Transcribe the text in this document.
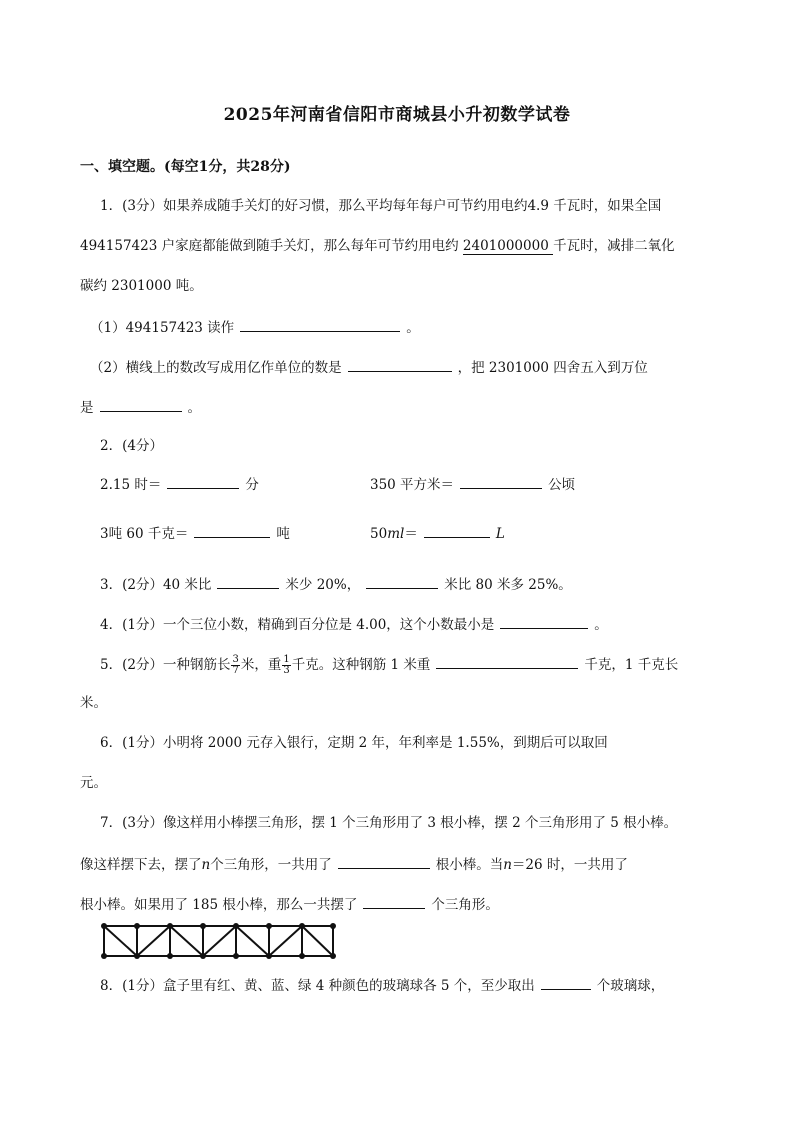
2025年河南省信阳市商城县小升初数学试卷
一、填空题。(每空1分，共28分)
1．(3分）如果养成随手关灯的好习惯，那么平均每年每户可节约用电约4.9 千瓦时，如果全国
494157423 户家庭都能做到随手关灯，那么每年可节约用电约 2401000000 千瓦时，减排二氧化
碳约 2301000 吨。
（1）494157423 读作	。
（2）横线上的数改写成用亿作单位的数是	，把 2301000 四舍五入到万位
是	。
2．(4分）
2.15 时＝	分	350 平方米＝	公顷
3吨 60 千克＝	吨	50ml＝	L
3．(2分）40 米比	米少 20%，	米比 80 米多 25%。
4．(1分）一个三位小数，精确到百分位是 4.00，这个小数最小是	。
5．(2分）一种钢筋长 $\frac{3}{7}$ 米，重 $\frac{1}{3}$ 千克。这种钢筋 1 米重	千克，1 千克长
米。
6．(1分）小明将 2000 元存入银行，定期 2 年，年利率是 1.55%，到期后可以取回
元。
7．(3分）像这样用小棒摆三角形，摆 1 个三角形用了 3 根小棒，摆 2 个三角形用了 5 根小棒。
像这样摆下去，摆了n个三角形，一共用了	根小棒。当n＝26 时，一共用了
根小棒。如果用了 185 根小棒，那么一共摆了	个三角形。
8．(1分）盒子里有红、黄、蓝、绿 4 种颜色的玻璃球各 5 个，至少取出	个玻璃球，
